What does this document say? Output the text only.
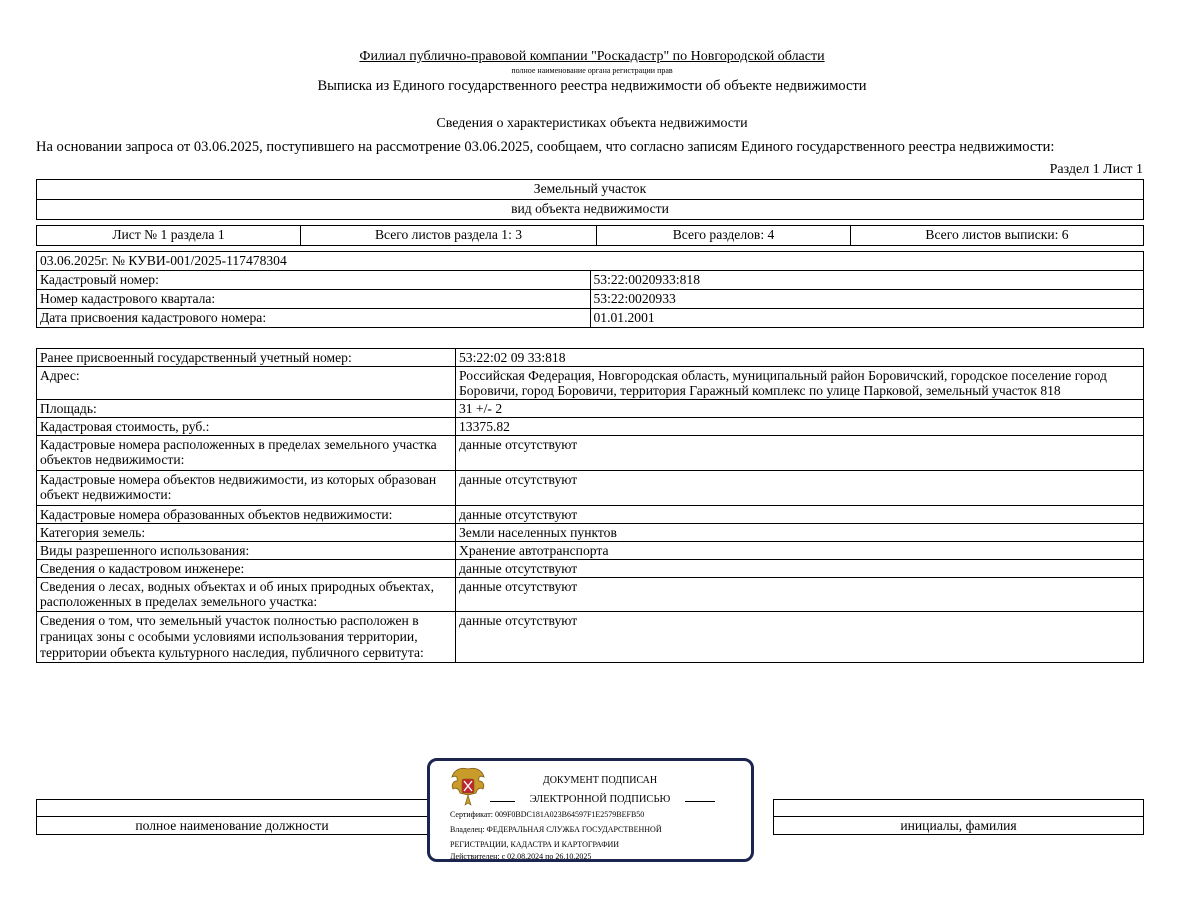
Филиал публично-правовой компании "Роскадастр" по Новгородской области
полное наименование органа регистрации прав
Выписка из Единого государственного реестра недвижимости об объекте недвижимости
Сведения о характеристиках объекта недвижимости
На основании запроса от 03.06.2025, поступившего на рассмотрение 03.06.2025, сообщаем, что согласно записям Единого государственного реестра недвижимости:
Раздел 1 Лист 1
Земельный участок
вид объекта недвижимости
Лист № 1 раздела 1	Всего листов раздела 1: 3	Всего разделов: 4	Всего листов выписки: 6
03.06.2025г. № КУВИ-001/2025-117478304	
Кадастровый номер:	53:22:0020933:818
Номер кадастрового квартала:	53:22:0020933
Дата присвоения кадастрового номера:	01.01.2001
Ранее присвоенный государственный учетный номер:	53:22:02 09 33:818
Адрес:	Российская Федерация, Новгородская область, муниципальный район Боровичский, городское поселение город Боровичи, город Боровичи, территория Гаражный комплекс по улице Парковой, земельный участок 818
Площадь:	31 +/- 2
Кадастровая стоимость, руб.:	13375.82
Кадастровые номера расположенных в пределах земельного участка объектов недвижимости:	данные отсутствуют
Кадастровые номера объектов недвижимости, из которых образован объект недвижимости:	данные отсутствуют
Кадастровые номера образованных объектов недвижимости:	данные отсутствуют
Категория земель:	Земли населенных пунктов
Виды разрешенного использования:	Хранение автотранспорта
Сведения о кадастровом инженере:	данные отсутствуют
Сведения о лесах, водных объектах и об иных природных объектах, расположенных в пределах земельного участка:	данные отсутствуют
Сведения о том, что земельный участок полностью расположен в границах зоны с особыми условиями использования территории, территории объекта культурного наследия, публичного сервитута:	данные отсутствуют

полное наименование должности		инициалы, фамилия
ДОКУМЕНТ ПОДПИСАН
ЭЛЕКТРОННОЙ ПОДПИСЬЮ
Сертификат: 009F0BDC181A023B64597F1E2579BEFB50
Владелец: ФЕДЕРАЛЬНАЯ СЛУЖБА ГОСУДАРСТВЕННОЙ
РЕГИСТРАЦИИ, КАДАСТРА И КАРТОГРАФИИ
Действителен: с 02.08.2024 по 26.10.2025
